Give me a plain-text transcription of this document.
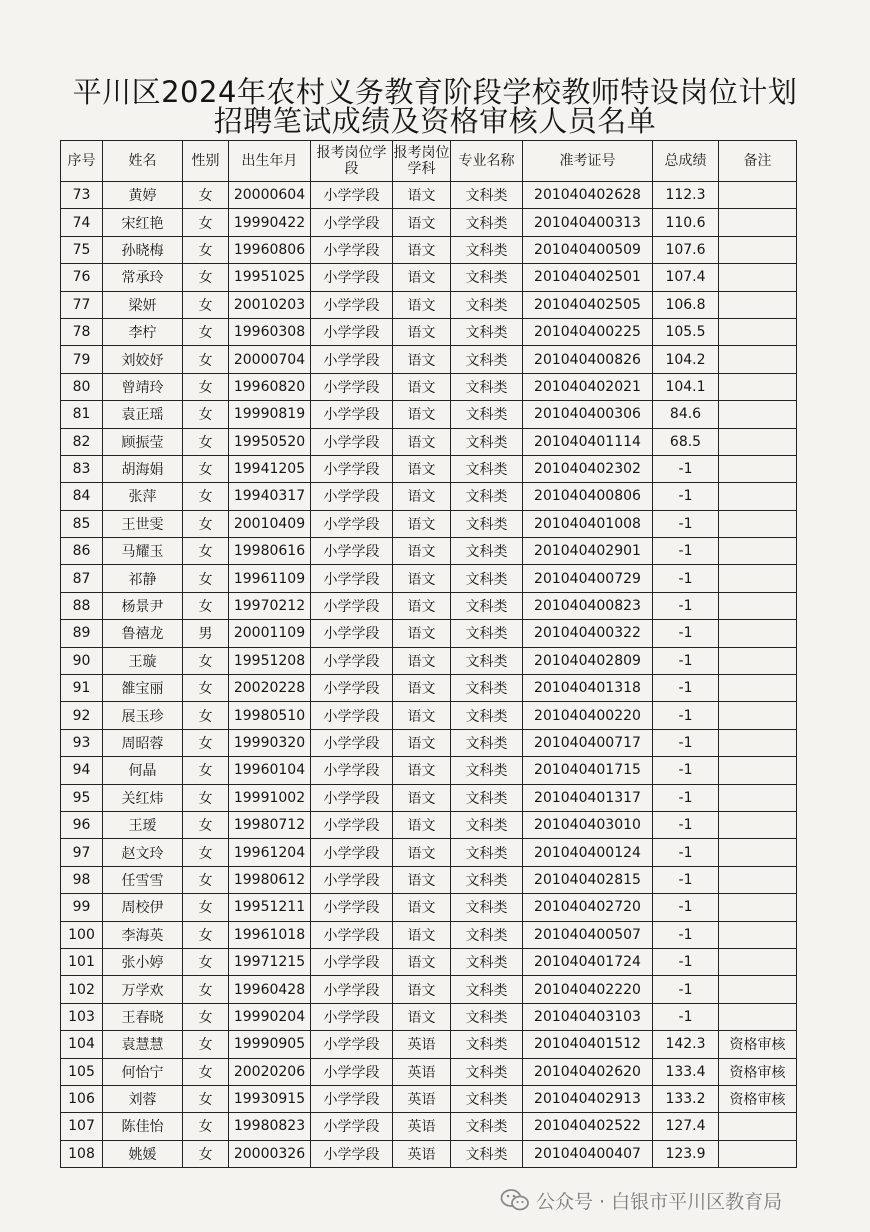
平川区2024年农村义务教育阶段学校教师特设岗位计划
招聘笔试成绩及资格审核人员名单
序号	姓名	性别	出生年月	报考岗位学段	报考岗位学科	专业名称	准考证号	总成绩	备注
73	黄婷	女	20000604	小学学段	语文	文科类	201040402628	112.3	
74	宋红艳	女	19990422	小学学段	语文	文科类	201040400313	110.6	
75	孙晓梅	女	19960806	小学学段	语文	文科类	201040400509	107.6	
76	常承玲	女	19951025	小学学段	语文	文科类	201040402501	107.4	
77	梁妍	女	20010203	小学学段	语文	文科类	201040402505	106.8	
78	李柠	女	19960308	小学学段	语文	文科类	201040400225	105.5	
79	刘姣妤	女	20000704	小学学段	语文	文科类	201040400826	104.2	
80	曾靖玲	女	19960820	小学学段	语文	文科类	201040402021	104.1	
81	袁正瑶	女	19990819	小学学段	语文	文科类	201040400306	84.6	
82	顾振莹	女	19950520	小学学段	语文	文科类	201040401114	68.5	
83	胡海娟	女	19941205	小学学段	语文	文科类	201040402302	-1	
84	张萍	女	19940317	小学学段	语文	文科类	201040400806	-1	
85	王世雯	女	20010409	小学学段	语文	文科类	201040401008	-1	
86	马耀玉	女	19980616	小学学段	语文	文科类	201040402901	-1	
87	祁静	女	19961109	小学学段	语文	文科类	201040400729	-1	
88	杨景尹	女	19970212	小学学段	语文	文科类	201040400823	-1	
89	鲁禧龙	男	20001109	小学学段	语文	文科类	201040400322	-1	
90	王璇	女	19951208	小学学段	语文	文科类	201040402809	-1	
91	雒宝丽	女	20020228	小学学段	语文	文科类	201040401318	-1	
92	展玉珍	女	19980510	小学学段	语文	文科类	201040400220	-1	
93	周昭蓉	女	19990320	小学学段	语文	文科类	201040400717	-1	
94	何晶	女	19960104	小学学段	语文	文科类	201040401715	-1	
95	关红炜	女	19991002	小学学段	语文	文科类	201040401317	-1	
96	王瑷	女	19980712	小学学段	语文	文科类	201040403010	-1	
97	赵文玲	女	19961204	小学学段	语文	文科类	201040400124	-1	
98	任雪雪	女	19980612	小学学段	语文	文科类	201040402815	-1	
99	周校伊	女	19951211	小学学段	语文	文科类	201040402720	-1	
100	李海英	女	19961018	小学学段	语文	文科类	201040400507	-1	
101	张小婷	女	19971215	小学学段	语文	文科类	201040401724	-1	
102	万学欢	女	19960428	小学学段	语文	文科类	201040402220	-1	
103	王春晓	女	19990204	小学学段	语文	文科类	201040403103	-1	
104	袁慧慧	女	19990905	小学学段	英语	文科类	201040401512	142.3	资格审核
105	何怡宁	女	20020206	小学学段	英语	文科类	201040402620	133.4	资格审核
106	刘蓉	女	19930915	小学学段	英语	文科类	201040402913	133.2	资格审核
107	陈佳怡	女	19980823	小学学段	英语	文科类	201040402522	127.4	
108	姚媛	女	20000326	小学学段	英语	文科类	201040400407	123.9	
公众号 · 白银市平川区教育局
